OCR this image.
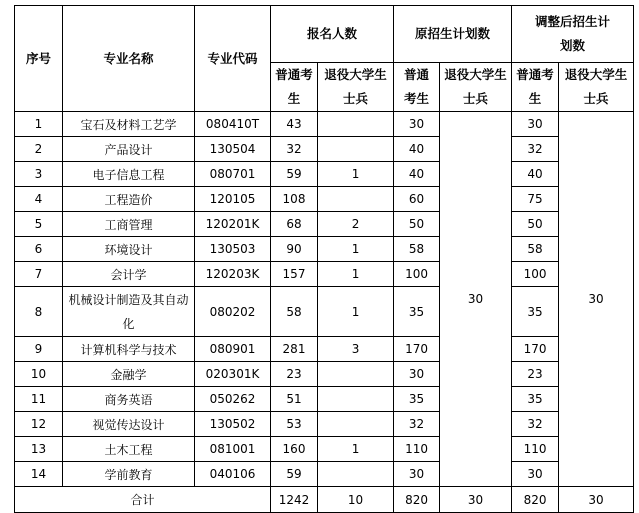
序号	专业名称	专业代码	报名人数		原招生计划数		调整后招生计划数	
			普通考生	退役大学生士兵	普通考生	退役大学生士兵	普通考生	退役大学生士兵
1	宝石及材料工艺学	080410T	43		30	30	30	30
2	产品设计	130504	32		40		32	
3	电子信息工程	080701	59	1	40		40	
4	工程造价	120105	108		60		75	
5	工商管理	120201K	68	2	50		50	
6	环境设计	130503	90	1	58		58	
7	会计学	120203K	157	1	100		100	
8	机械设计制造及其自动化	080202	58	1	35		35	
9	计算机科学与技术	080901	281	3	170		170	
10	金融学	020301K	23		30		23	
11	商务英语	050262	51		35		35	
12	视觉传达设计	130502	53		32		32	
13	土木工程	081001	160	1	110		110	
14	学前教育	040106	59		30		30	
合计			1242	10	820	30	820	30
